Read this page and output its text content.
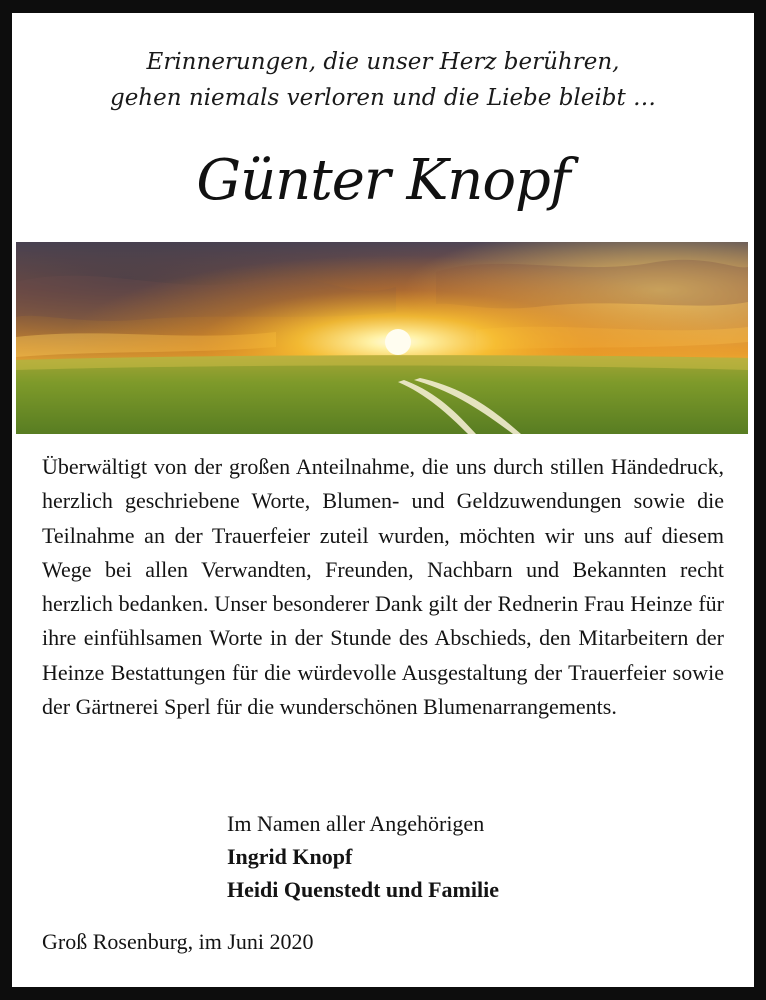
Erinnerungen, die unser Herz berühren,
gehen niemals verloren und die Liebe bleibt …
Günter Knopf
Überwältigt von der großen Anteilnahme, die uns durch stillen Händedruck, herzlich geschriebene Worte, Blumen- und Geldzuwendungen sowie die Teilnahme an der Trauerfeier zuteil wurden, möchten wir uns auf diesem Wege bei allen Verwandten, Freunden, Nachbarn und Bekannten recht herzlich bedanken. Unser besonderer Dank gilt der Rednerin Frau Heinze für ihre einfühlsamen Worte in der Stunde des Abschieds, den Mitarbeitern der Heinze Bestattungen für die würdevolle Ausgestaltung der Trauerfeier sowie der Gärtnerei Sperl für die wunderschönen Blumenarrangements.
Im Namen aller Angehörigen
Ingrid Knopf
Heidi Quenstedt und Familie
Groß Rosenburg, im Juni 2020
